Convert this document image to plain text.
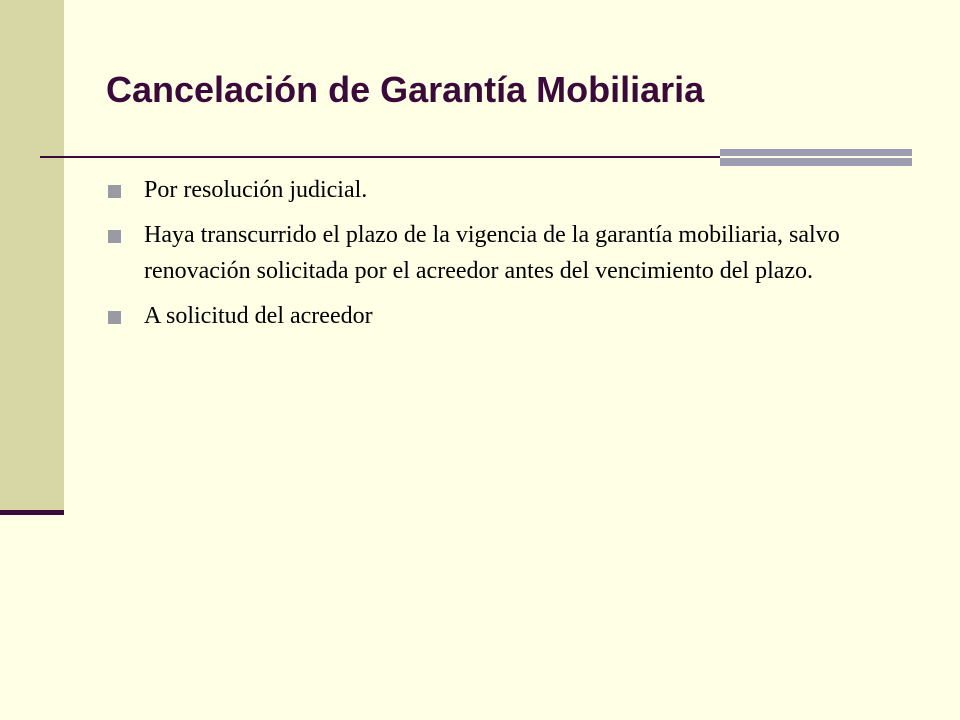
Cancelación de Garantía Mobiliaria
Por resolución judicial.
Haya transcurrido el plazo de la vigencia de la garantía mobiliaria, salvo renovación solicitada por el acreedor antes del vencimiento del plazo.
A solicitud del acreedor
